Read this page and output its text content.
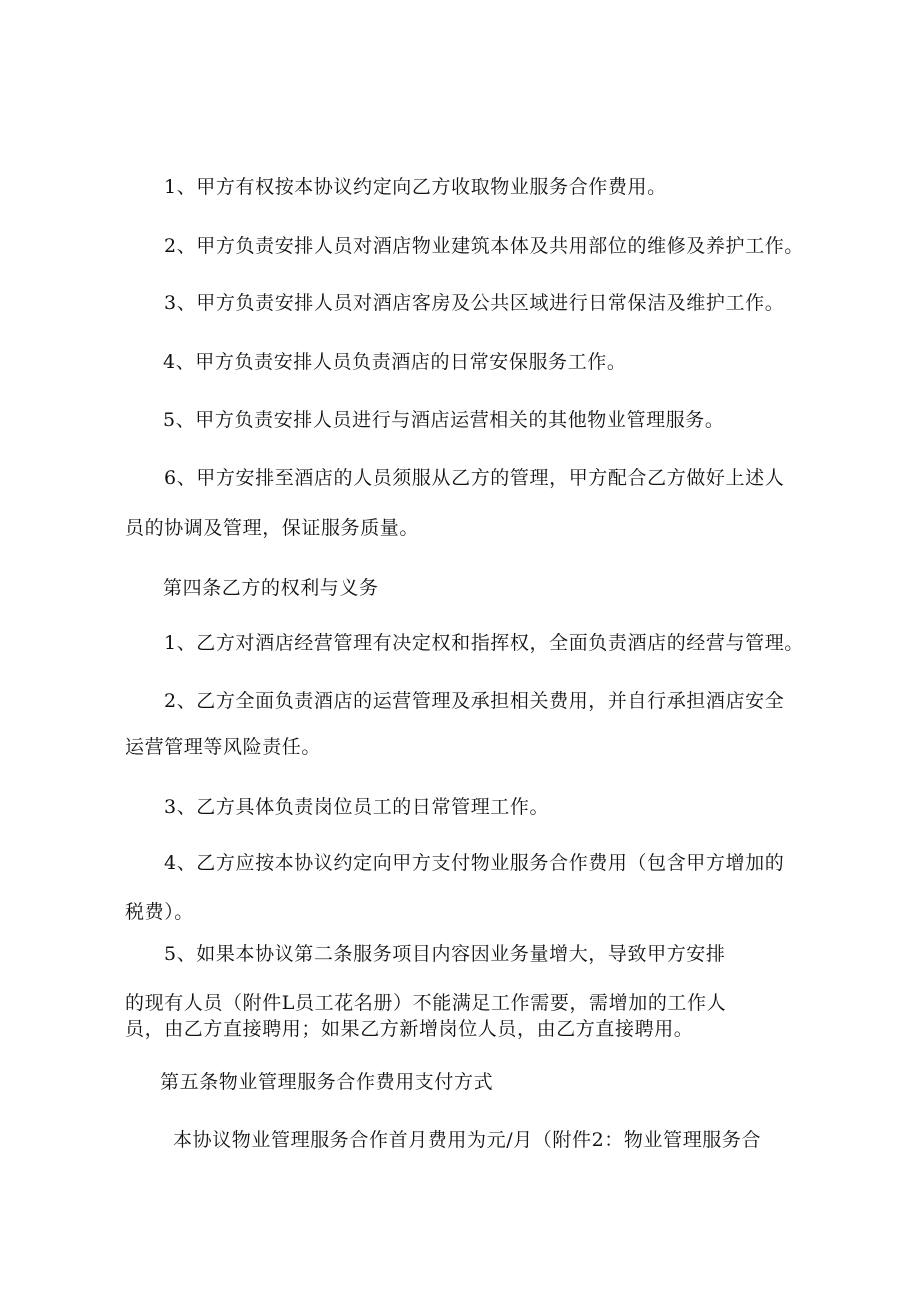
1、甲方有权按本协议约定向乙方收取物业服务合作费用。
2、甲方负责安排人员对酒店物业建筑本体及共用部位的维修及养护工作。
3、甲方负责安排人员对酒店客房及公共区域进行日常保洁及维护工作。
4、甲方负责安排人员负责酒店的日常安保服务工作。
5、甲方负责安排人员进行与酒店运营相关的其他物业管理服务。
6、甲方安排至酒店的人员须服从乙方的管理，甲方配合乙方做好上述人
员的协调及管理，保证服务质量。
第四条乙方的权利与义务
1、乙方对酒店经营管理有决定权和指挥权，全面负责酒店的经营与管理。
2、乙方全面负责酒店的运营管理及承担相关费用，并自行承担酒店安全
运营管理等风险责任。
3、乙方具体负责岗位员工的日常管理工作。
4、乙方应按本协议约定向甲方支付物业服务合作费用（包含甲方增加的
税费）。
5、如果本协议第二条服务项目内容因业务量增大，导致甲方安排
的现有人员（附件L员工花名册）不能满足工作需要，需增加的工作人
员，由乙方直接聘用；如果乙方新增岗位人员，由乙方直接聘用。
第五条物业管理服务合作费用支付方式
本协议物业管理服务合作首月费用为元/月（附件2：物业管理服务合
